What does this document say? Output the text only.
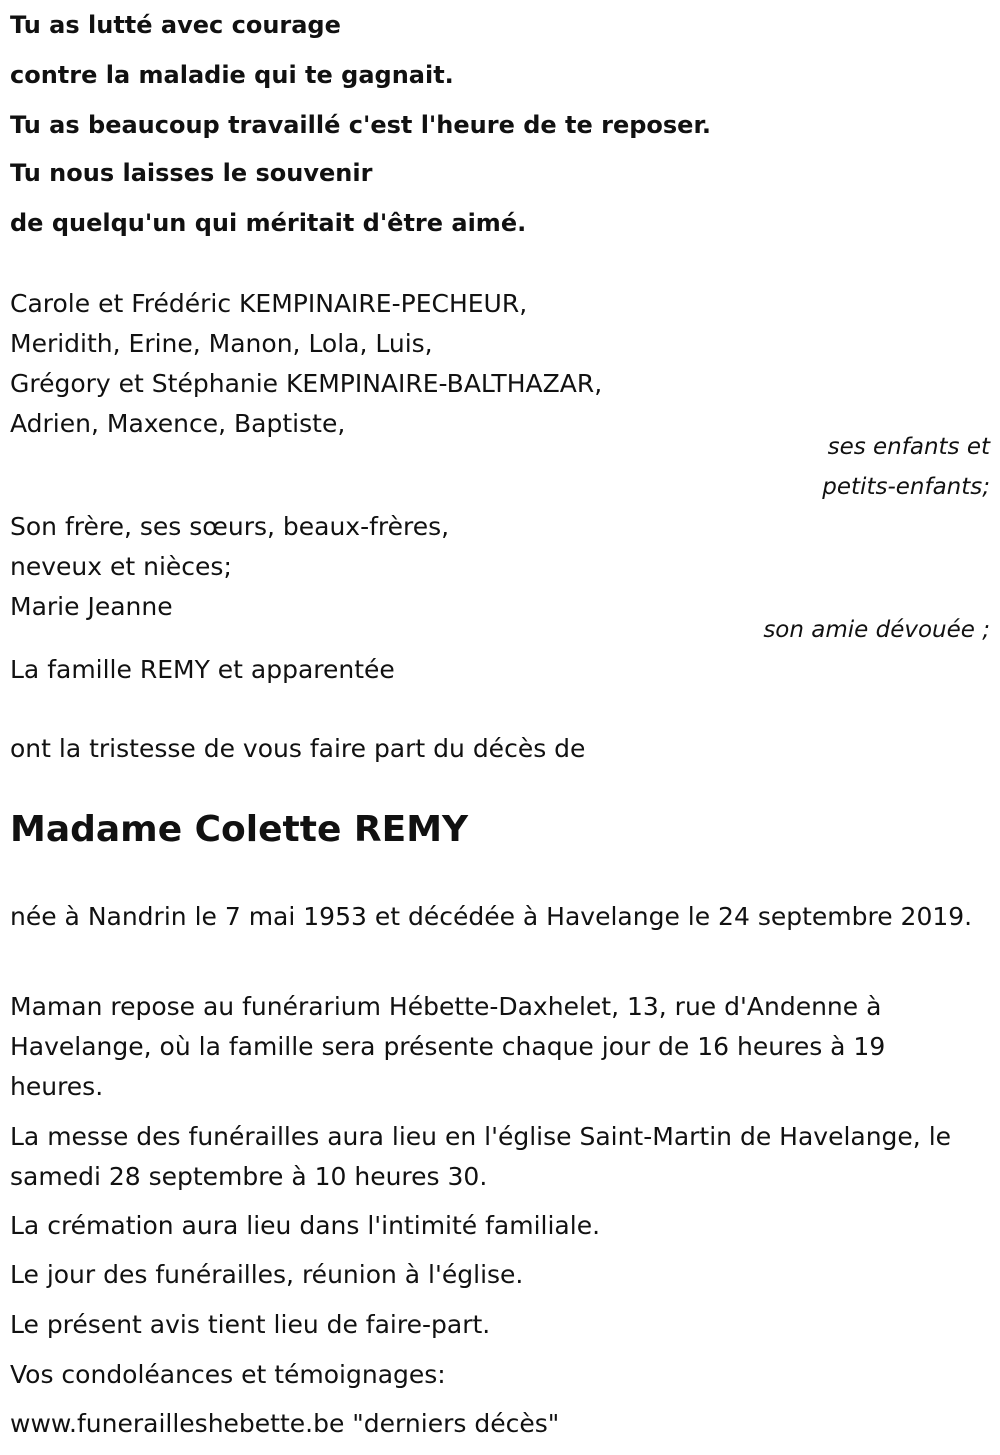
Tu as lutté avec courage
contre la maladie qui te gagnait.
Tu as beaucoup travaillé c'est l'heure de te reposer.
Tu nous laisses le souvenir
de quelqu'un qui méritait d'être aimé.
Carole et Frédéric KEMPINAIRE-PECHEUR,
Meridith, Erine, Manon, Lola, Luis,
Grégory et Stéphanie KEMPINAIRE-BALTHAZAR,
Adrien, Maxence, Baptiste,
ses enfants et
petits-enfants;
Son frère, ses sœurs, beaux-frères,
neveux et nièces;
Marie Jeanne
son amie dévouée ;
La famille REMY et apparentée
ont la tristesse de vous faire part du décès de
Madame Colette REMY
née à Nandrin le 7 mai 1953 et décédée à Havelange le 24 septembre 2019.
Maman repose au funérarium Hébette-Daxhelet, 13, rue d'Andenne à Havelange, où la famille sera présente chaque jour de 16 heures à 19 heures.
La messe des funérailles aura lieu en l'église Saint-Martin de Havelange, le samedi 28 septembre à 10 heures 30.
La crémation aura lieu dans l'intimité familiale.
Le jour des funérailles, réunion à l'église.
Le présent avis tient lieu de faire-part.
Vos condoléances et témoignages:
www.funerailleshebette.be "derniers décès"
